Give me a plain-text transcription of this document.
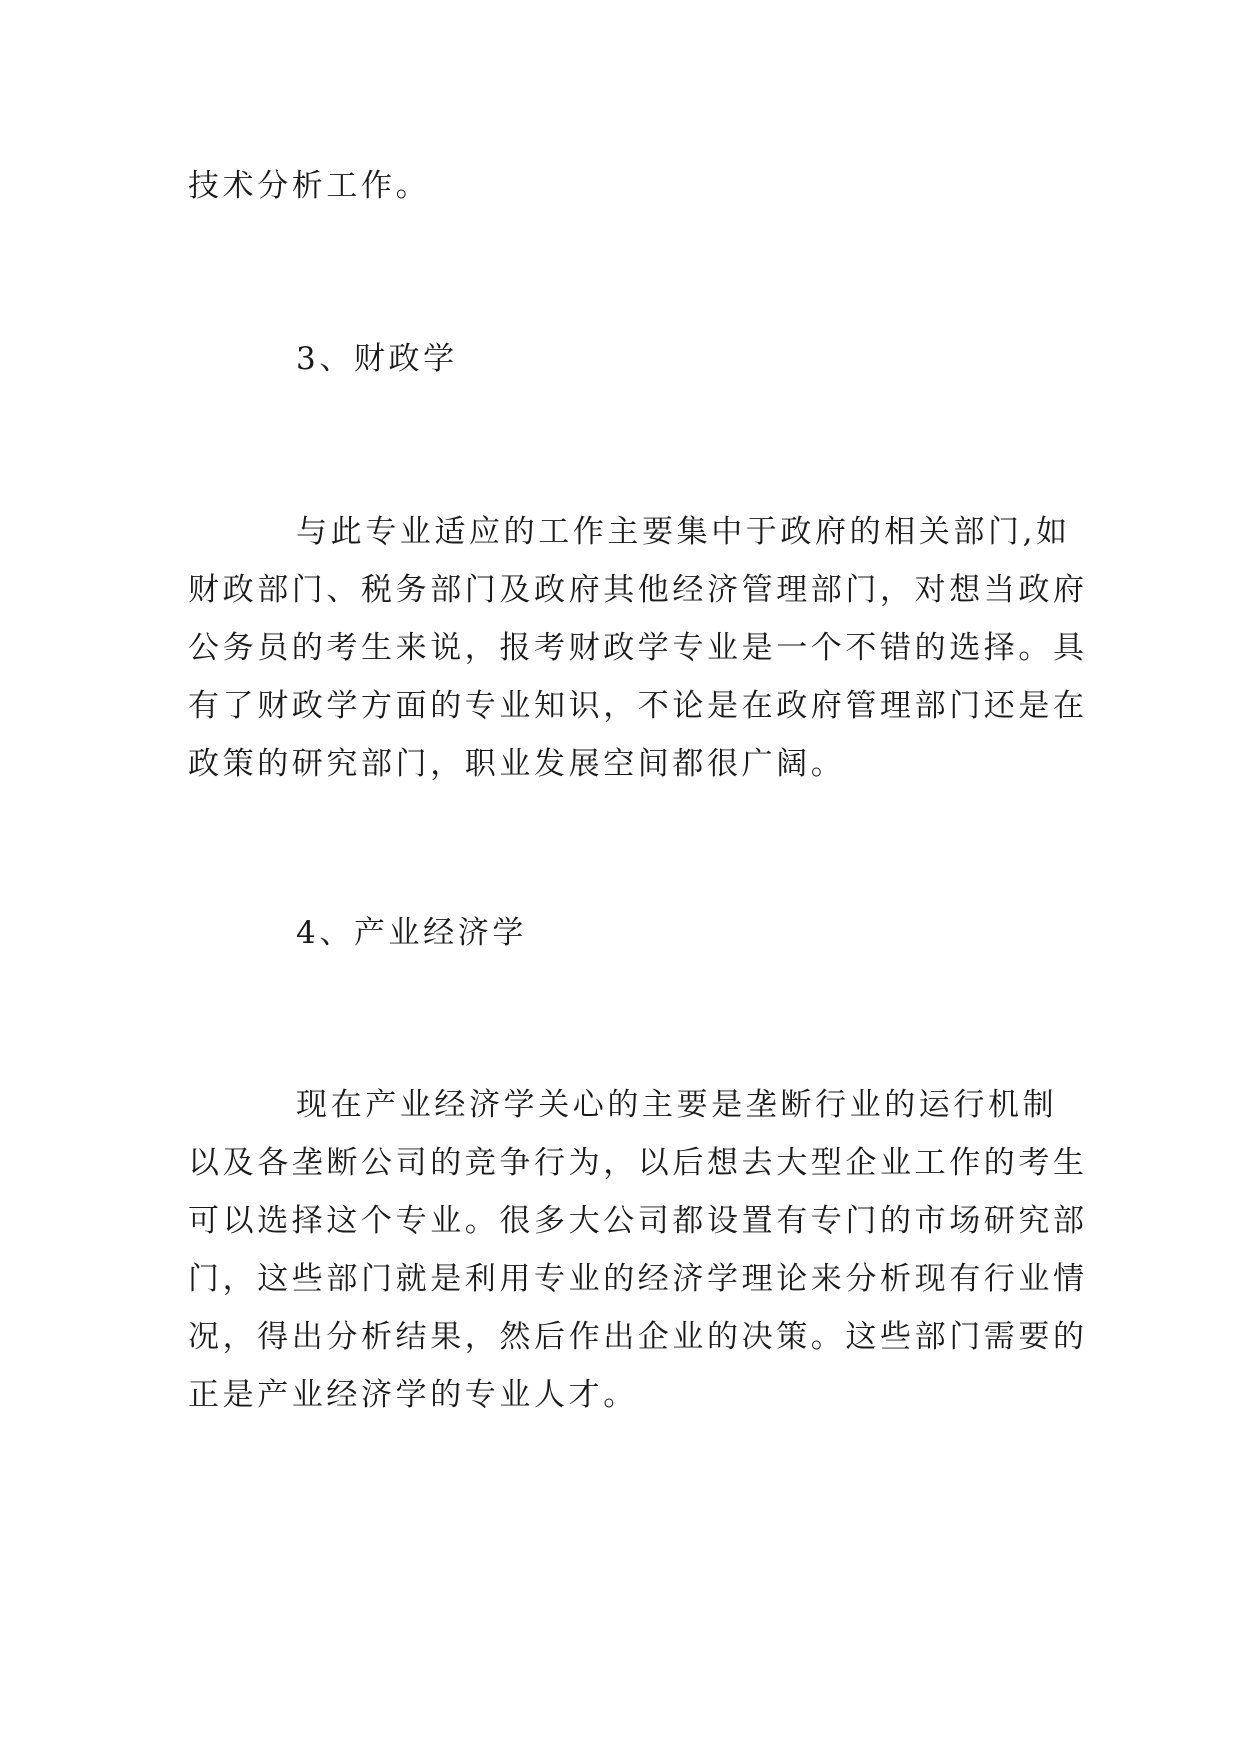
技术分析工作。
3、财政学
与此专业适应的工作主要集中于政府的相关部门,如
财政部门、税务部门及政府其他经济管理部门，对想当政府
公务员的考生来说，报考财政学专业是一个不错的选择。具
有了财政学方面的专业知识，不论是在政府管理部门还是在
政策的研究部门，职业发展空间都很广阔。
4、产业经济学
现在产业经济学关心的主要是垄断行业的运行机制
以及各垄断公司的竞争行为，以后想去大型企业工作的考生
可以选择这个专业。很多大公司都设置有专门的市场研究部
门，这些部门就是利用专业的经济学理论来分析现有行业情
况，得出分析结果，然后作出企业的决策。这些部门需要的
正是产业经济学的专业人才。
